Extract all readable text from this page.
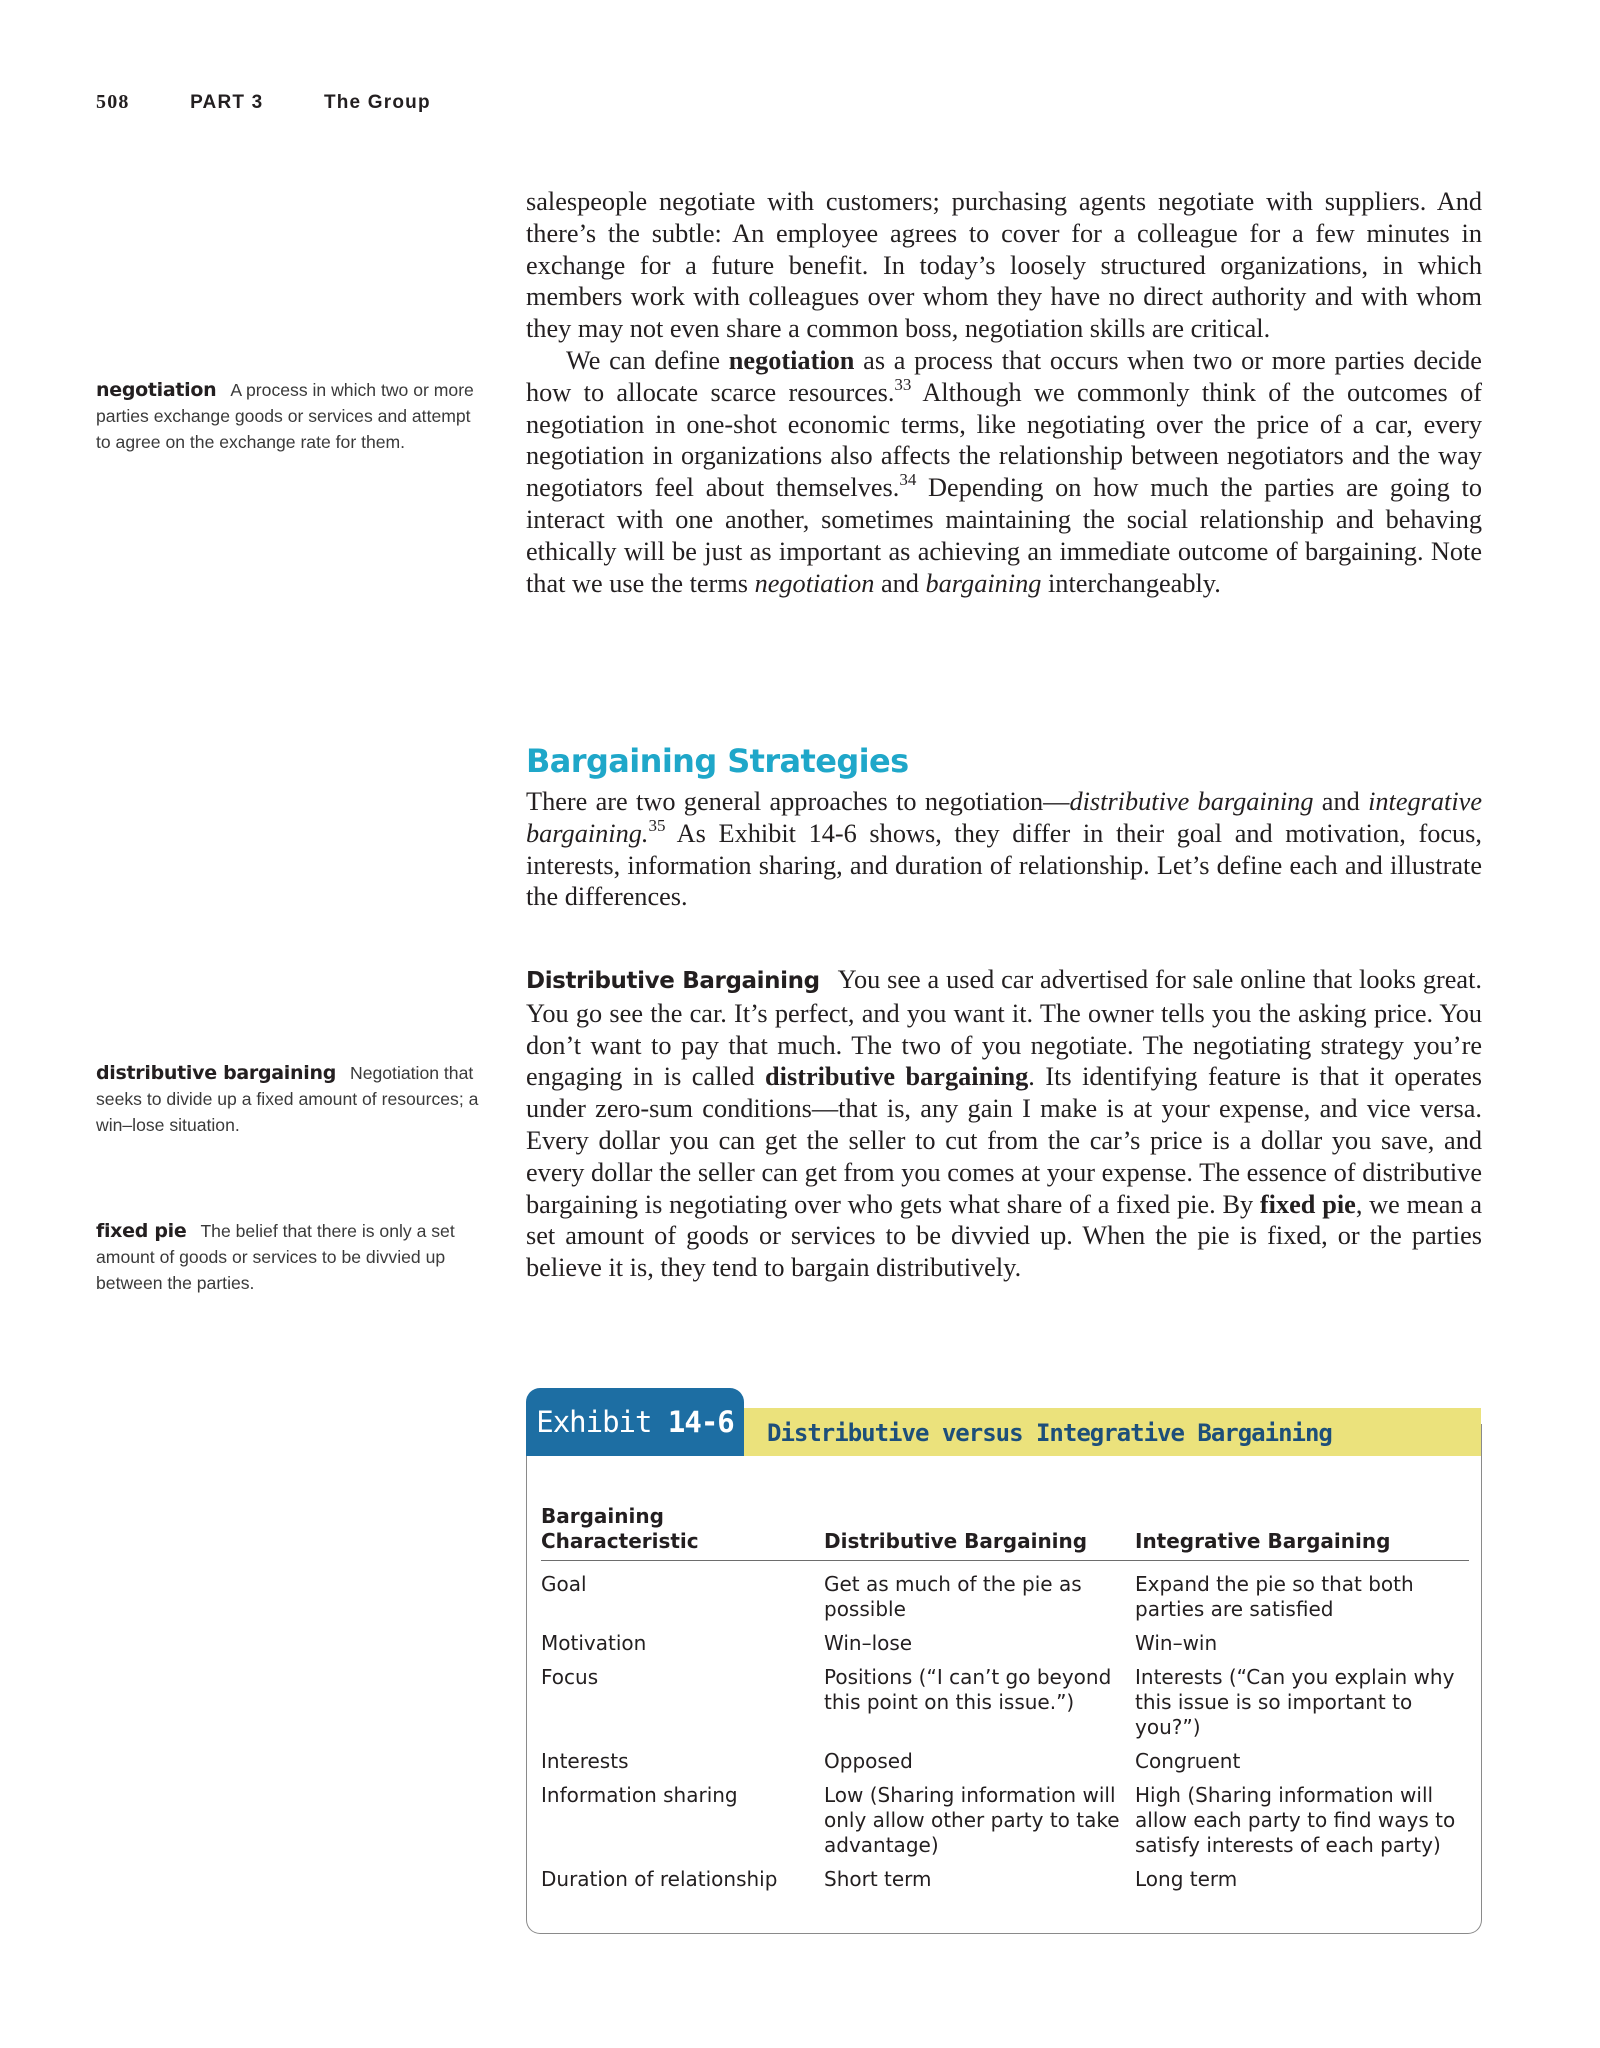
508	PART 3	The Group
negotiation A process in which two or more parties exchange goods or services and attempt to agree on the exchange rate for them.
distributive bargaining Negotiation that seeks to divide up a fixed amount of resources; a win–lose situation.
fixed pie The belief that there is only a set amount of goods or services to be divvied up between the parties.

salespeople negotiate with customers; purchasing agents negotiate with suppliers. And there’s the subtle: An employee agrees to cover for a colleague for a few minutes in exchange for a future benefit. In today’s loosely structured organizations, in which members work with colleagues over whom they have no direct authority and with whom they may not even share a common boss, negotiation skills are critical.

We can define negotiation as a process that occurs when two or more parties decide how to allocate scarce resources.$^{33}$ Although we commonly think of the outcomes of negotiation in one-shot economic terms, like negotiating over the price of a car, every negotiation in organizations also affects the relationship between negotiators and the way negotiators feel about themselves.$^{34}$ Depending on how much the parties are going to interact with one another, sometimes maintaining the social relationship and behaving ethically will be just as important as achieving an immediate outcome of bargaining. Note that we use the terms negotiation and bargaining interchangeably.

Bargaining Strategies

There are two general approaches to negotiation—distributive bargaining and integrative bargaining.$^{35}$ As Exhibit 14-6 shows, they differ in their goal and motivation, focus, interests, information sharing, and duration of relationship. Let’s define each and illustrate the differences.

Distributive Bargaining You see a used car advertised for sale online that looks great. You go see the car. It’s perfect, and you want it. The owner tells you the asking price. You don’t want to pay that much. The two of you negotiate. The negotiating strategy you’re engaging in is called distributive bargaining. Its identifying feature is that it operates under zero-sum conditions—that is, any gain I make is at your expense, and vice versa. Every dollar you can get the seller to cut from the car’s price is a dollar you save, and every dollar the seller can get from you comes at your expense. The essence of distributive bargaining is negotiating over who gets what share of a fixed pie. By fixed pie, we mean a set amount of goods or services to be divvied up. When the pie is fixed, or the parties believe it is, they tend to bargain distributively.

Exhibit 14-6	Distributive versus Integrative Bargaining
Bargaining Characteristic	Distributive Bargaining	Integrative Bargaining
Goal	Get as much of the pie as possible	Expand the pie so that both parties are satisfied
Motivation	Win–lose	Win–win
Focus	Positions (“I can’t go beyond this point on this issue.”)	Interests (“Can you explain why this issue is so important to you?”)
Interests	Opposed	Congruent
Information sharing	Low (Sharing information will only allow other party to take advantage)	High (Sharing information will allow each party to find ways to satisfy interests of each party)
Duration of relationship	Short term	Long term
